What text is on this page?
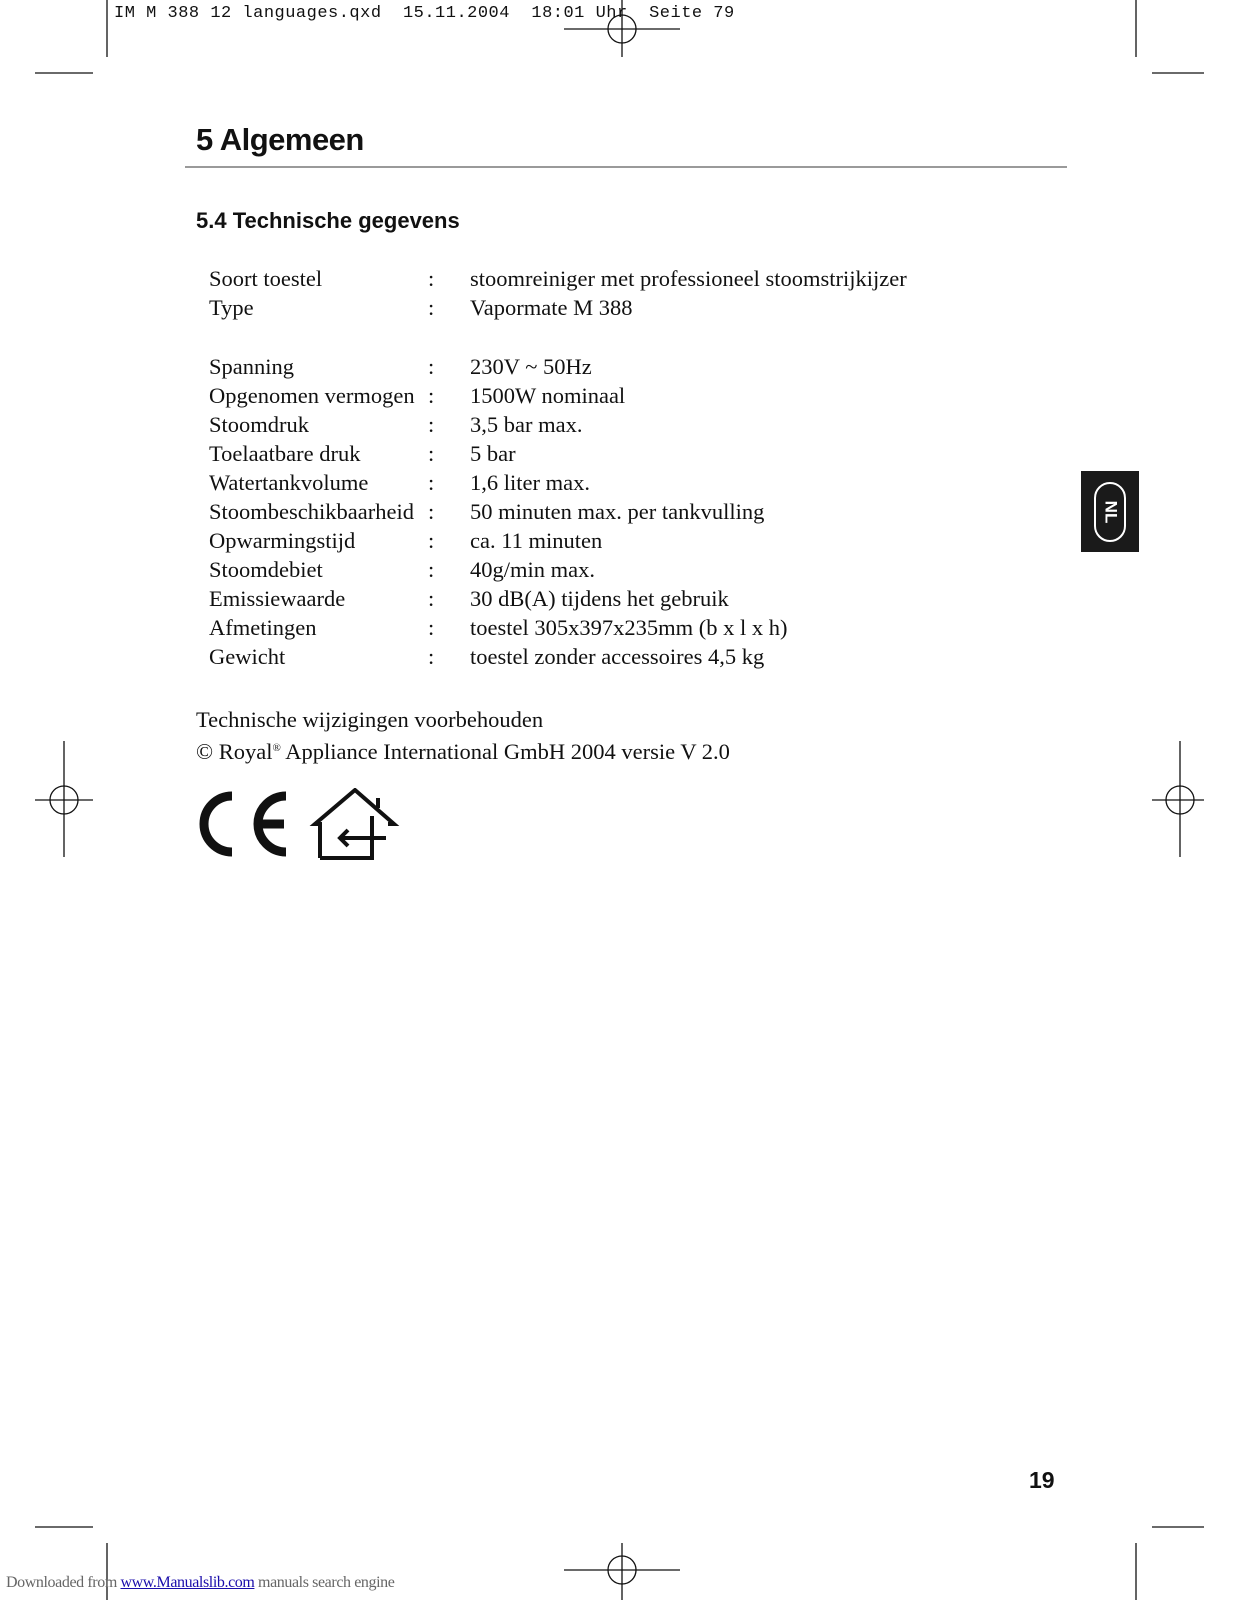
IM M 388 12 languages.qxd  15.11.2004  18:01 Uhr  Seite 79
5 Algemeen
5.4 Technische gegevens
Soort toestel	: stoomreiniger met professioneel stoomstrijkijzer
Type	: Vapormate M 388
Spanning	: 230V ~ 50Hz
Opgenomen vermogen : 1500W nominaal
Stoomdruk	: 3,5 bar max.
Toelaatbare druk	: 5 bar
Watertankvolume	: 1,6 liter max.
Stoombeschikbaarheid : 50 minuten max. per tankvulling
Opwarmingstijd	: ca. 11 minuten
Stoomdebiet	: 40g/min max.
Emissiewaarde	: 30 dB(A) tijdens het gebruik
Afmetingen	: toestel 305x397x235mm (b x l x h)
Gewicht	: toestel zonder accessoires 4,5 kg
Technische wijzigingen voorbehouden
© Royal® Appliance International GmbH 2004 versie V 2.0
NL
19
Downloaded from www.Manualslib.com manuals search engine
